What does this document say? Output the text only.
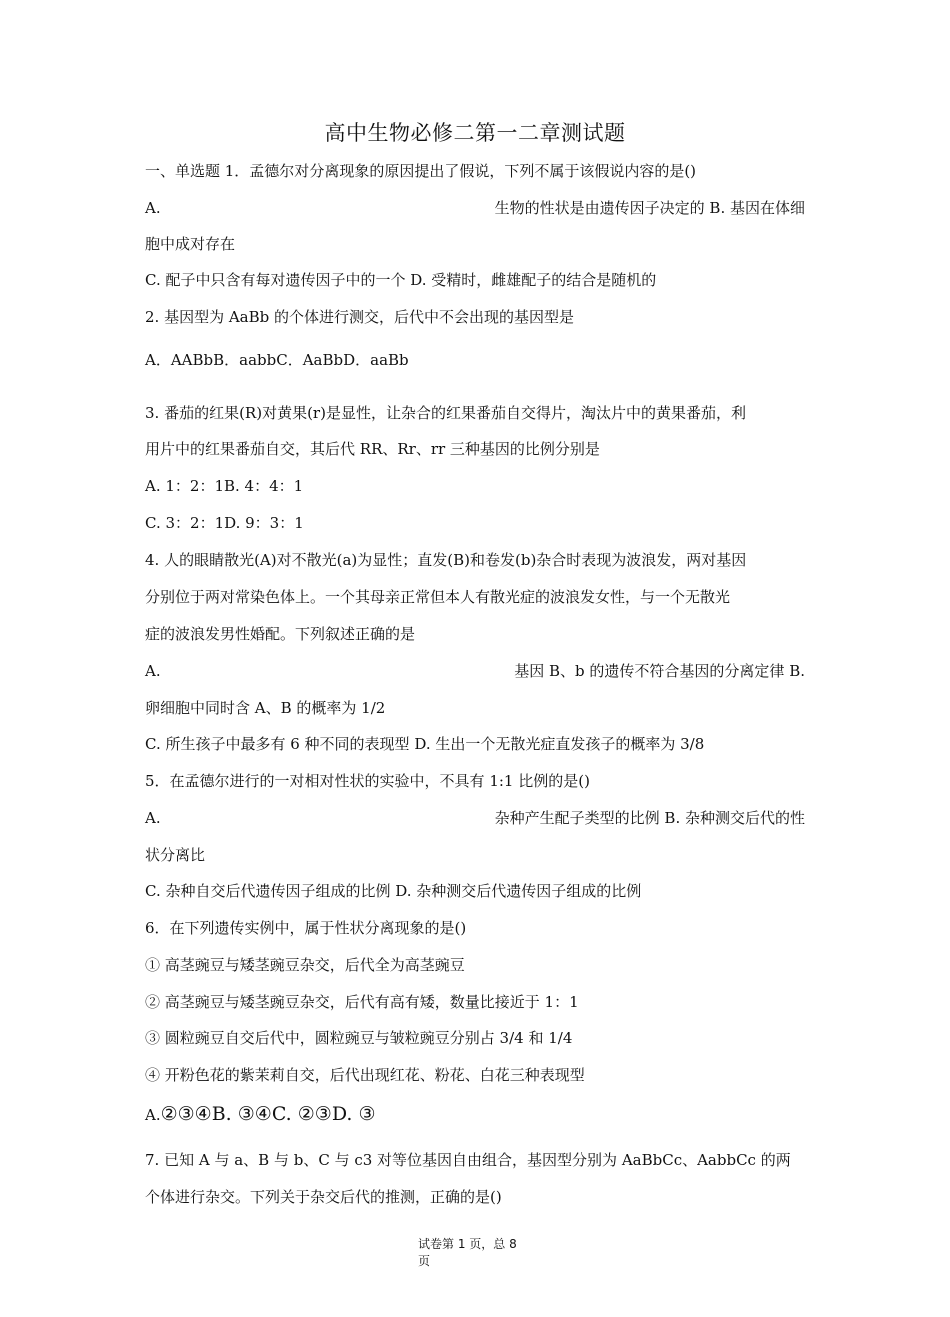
高中生物必修二第一二章测试题
一、单选题 1．孟德尔对分离现象的原因提出了假说，下列不属于该假说内容的是()
A.	生物的性状是由遗传因子决定的 B. 基因在体细
胞中成对存在
C. 配子中只含有每对遗传因子中的一个 D. 受精时，雌雄配子的结合是随机的
2. 基因型为 AaBb 的个体进行测交，后代中不会出现的基因型是
A．AABbB．aabbC．AaBbD．aaBb
3. 番茄的红果(R)对黄果(r)是显性，让杂合的红果番茄自交得片，淘汰片中的黄果番茄，利
用片中的红果番茄自交，其后代 RR、Rr、rr 三种基因的比例分别是
A. 1：2：1B. 4：4：1
C. 3：2：1D. 9：3：1
4. 人的眼睛散光(A)对不散光(a)为显性；直发(B)和卷发(b)杂合时表现为波浪发，两对基因
分别位于两对常染色体上。一个其母亲正常但本人有散光症的波浪发女性，与一个无散光
症的波浪发男性婚配。下列叙述正确的是
A.	基因 B、b 的遗传不符合基因的分离定律 B.
卵细胞中同时含 A、B 的概率为 1/2
C. 所生孩子中最多有 6 种不同的表现型 D. 生出一个无散光症直发孩子的概率为 3/8
5．在孟德尔进行的一对相对性状的实验中，不具有 1:1 比例的是()
A.	杂种产生配子类型的比例 B. 杂种测交后代的性
状分离比
C. 杂种自交后代遗传因子组成的比例 D. 杂种测交后代遗传因子组成的比例
6．在下列遗传实例中，属于性状分离现象的是()
① 高茎豌豆与矮茎豌豆杂交，后代全为高茎豌豆
② 高茎豌豆与矮茎豌豆杂交，后代有高有矮，数量比接近于 1：1
③ 圆粒豌豆自交后代中，圆粒豌豆与皱粒豌豆分别占 3/4 和 1/4
④ 开粉色花的紫茉莉自交，后代出现红花、粉花、白花三种表现型
A.②③④B. ③④C. ②③D. ③
7. 已知 A 与 a、B 与 b、C 与 c3 对等位基因自由组合，基因型分别为 AaBbCc、AabbCc 的两
个体进行杂交。下列关于杂交后代的推测，正确的是()
试卷第 1 页，总 8
页
